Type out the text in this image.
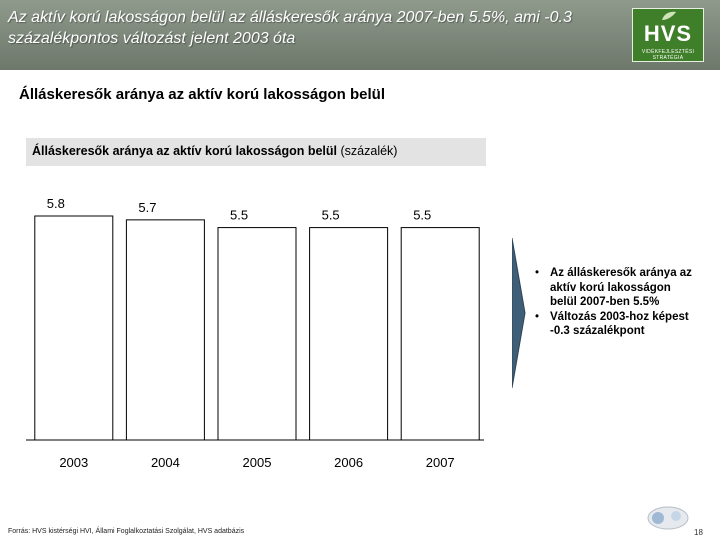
Az aktív korú lakosságon belül az álláskeresők aránya 2007-ben 5.5%, ami -0.3 százalékpontos változást jelent 2003 óta	HVS
VIDÉKFEJLESZTÉSI STRATÉGIA
Álláskeresők aránya az aktív korú lakosságon belül
Álláskeresők aránya az aktív korú lakosságon belül (százalék)
5.8
2003
5.7
2004
5.5
2005
5.5
2006
5.5
2007
• Az álláskeresők aránya az aktív korú lakosságon belül 2007-ben 5.5%
• Változás 2003-hoz képest -0.3 százalékpont
Forrás: HVS kistérségi HVI, Állami Foglalkoztatási Szolgálat, HVS adatbázis	18
